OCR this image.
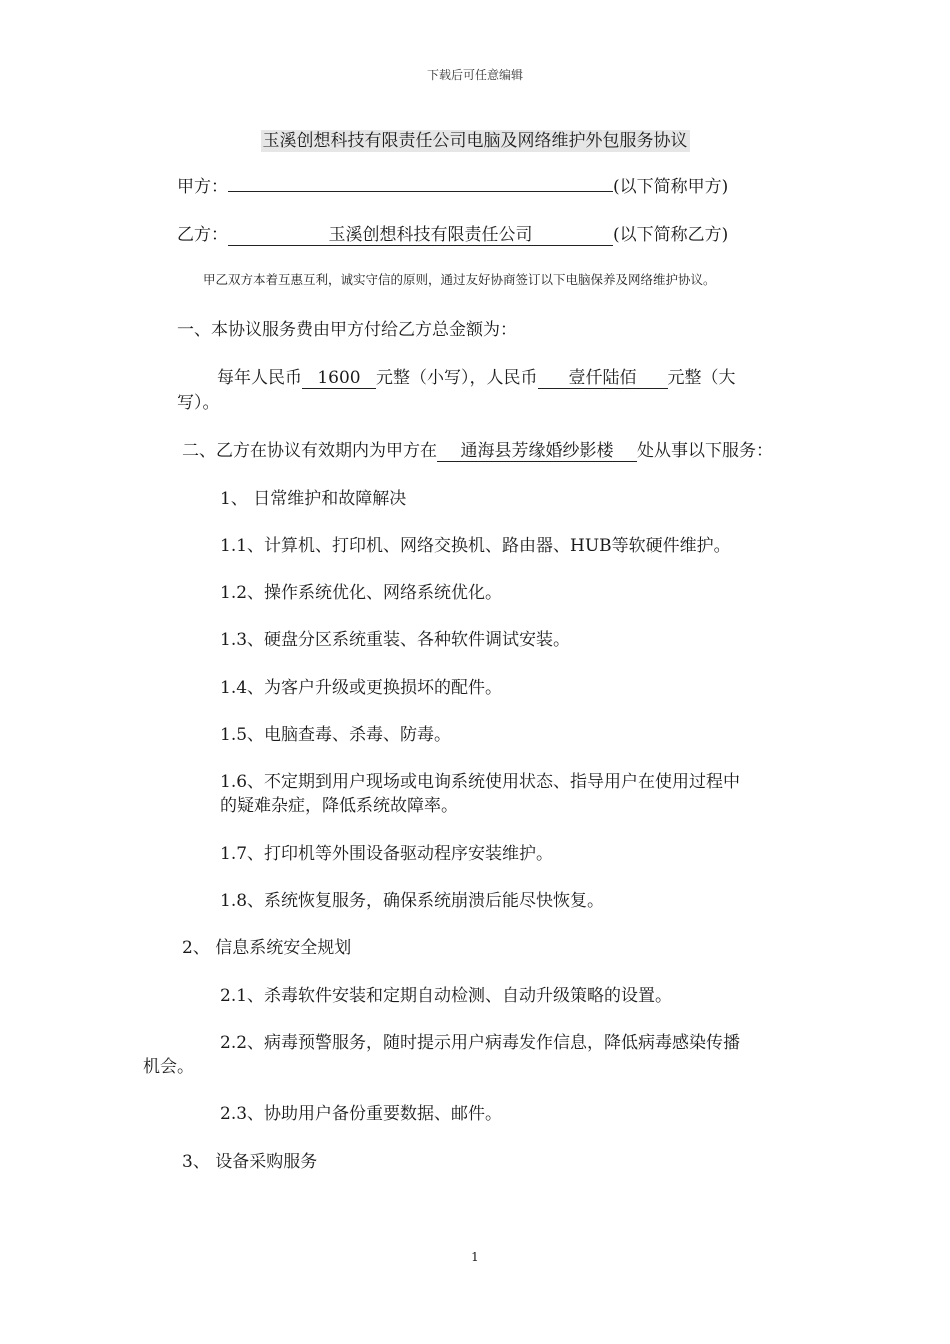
下载后可任意编辑
玉溪创想科技有限责任公司电脑及网络维护外包服务协议
甲方：	(以下简称甲方)
乙方：	玉溪创想科技有限责任公司	(以下简称乙方)
甲乙双方本着互惠互利，诚实守信的原则，通过友好协商签订以下电脑保养及网络维护协议。
一、本协议服务费由甲方付给乙方总金额为：
每年人民币 1600 元整（小写），人民币 壹仟陆佰 元整（大
写）。
二、乙方在协议有效期内为甲方在 通海县芳缘婚纱影楼 处从事以下服务：
1、 日常维护和故障解决
1.1、计算机、打印机、网络交换机、路由器、HUB等软硬件维护。
1.2、操作系统优化、网络系统优化。
1.3、硬盘分区系统重装、各种软件调试安装。
1.4、为客户升级或更换损坏的配件。
1.5、电脑查毒、杀毒、防毒。
1.6、不定期到用户现场或电询系统使用状态、指导用户在使用过程中
的疑难杂症，降低系统故障率。
1.7、打印机等外围设备驱动程序安装维护。
1.8、系统恢复服务，确保系统崩溃后能尽快恢复。
2、 信息系统安全规划
2.1、杀毒软件安装和定期自动检测、自动升级策略的设置。
2.2、病毒预警服务，随时提示用户病毒发作信息，降低病毒感染传播
机会。
2.3、协助用户备份重要数据、邮件。
3、 设备采购服务
1
